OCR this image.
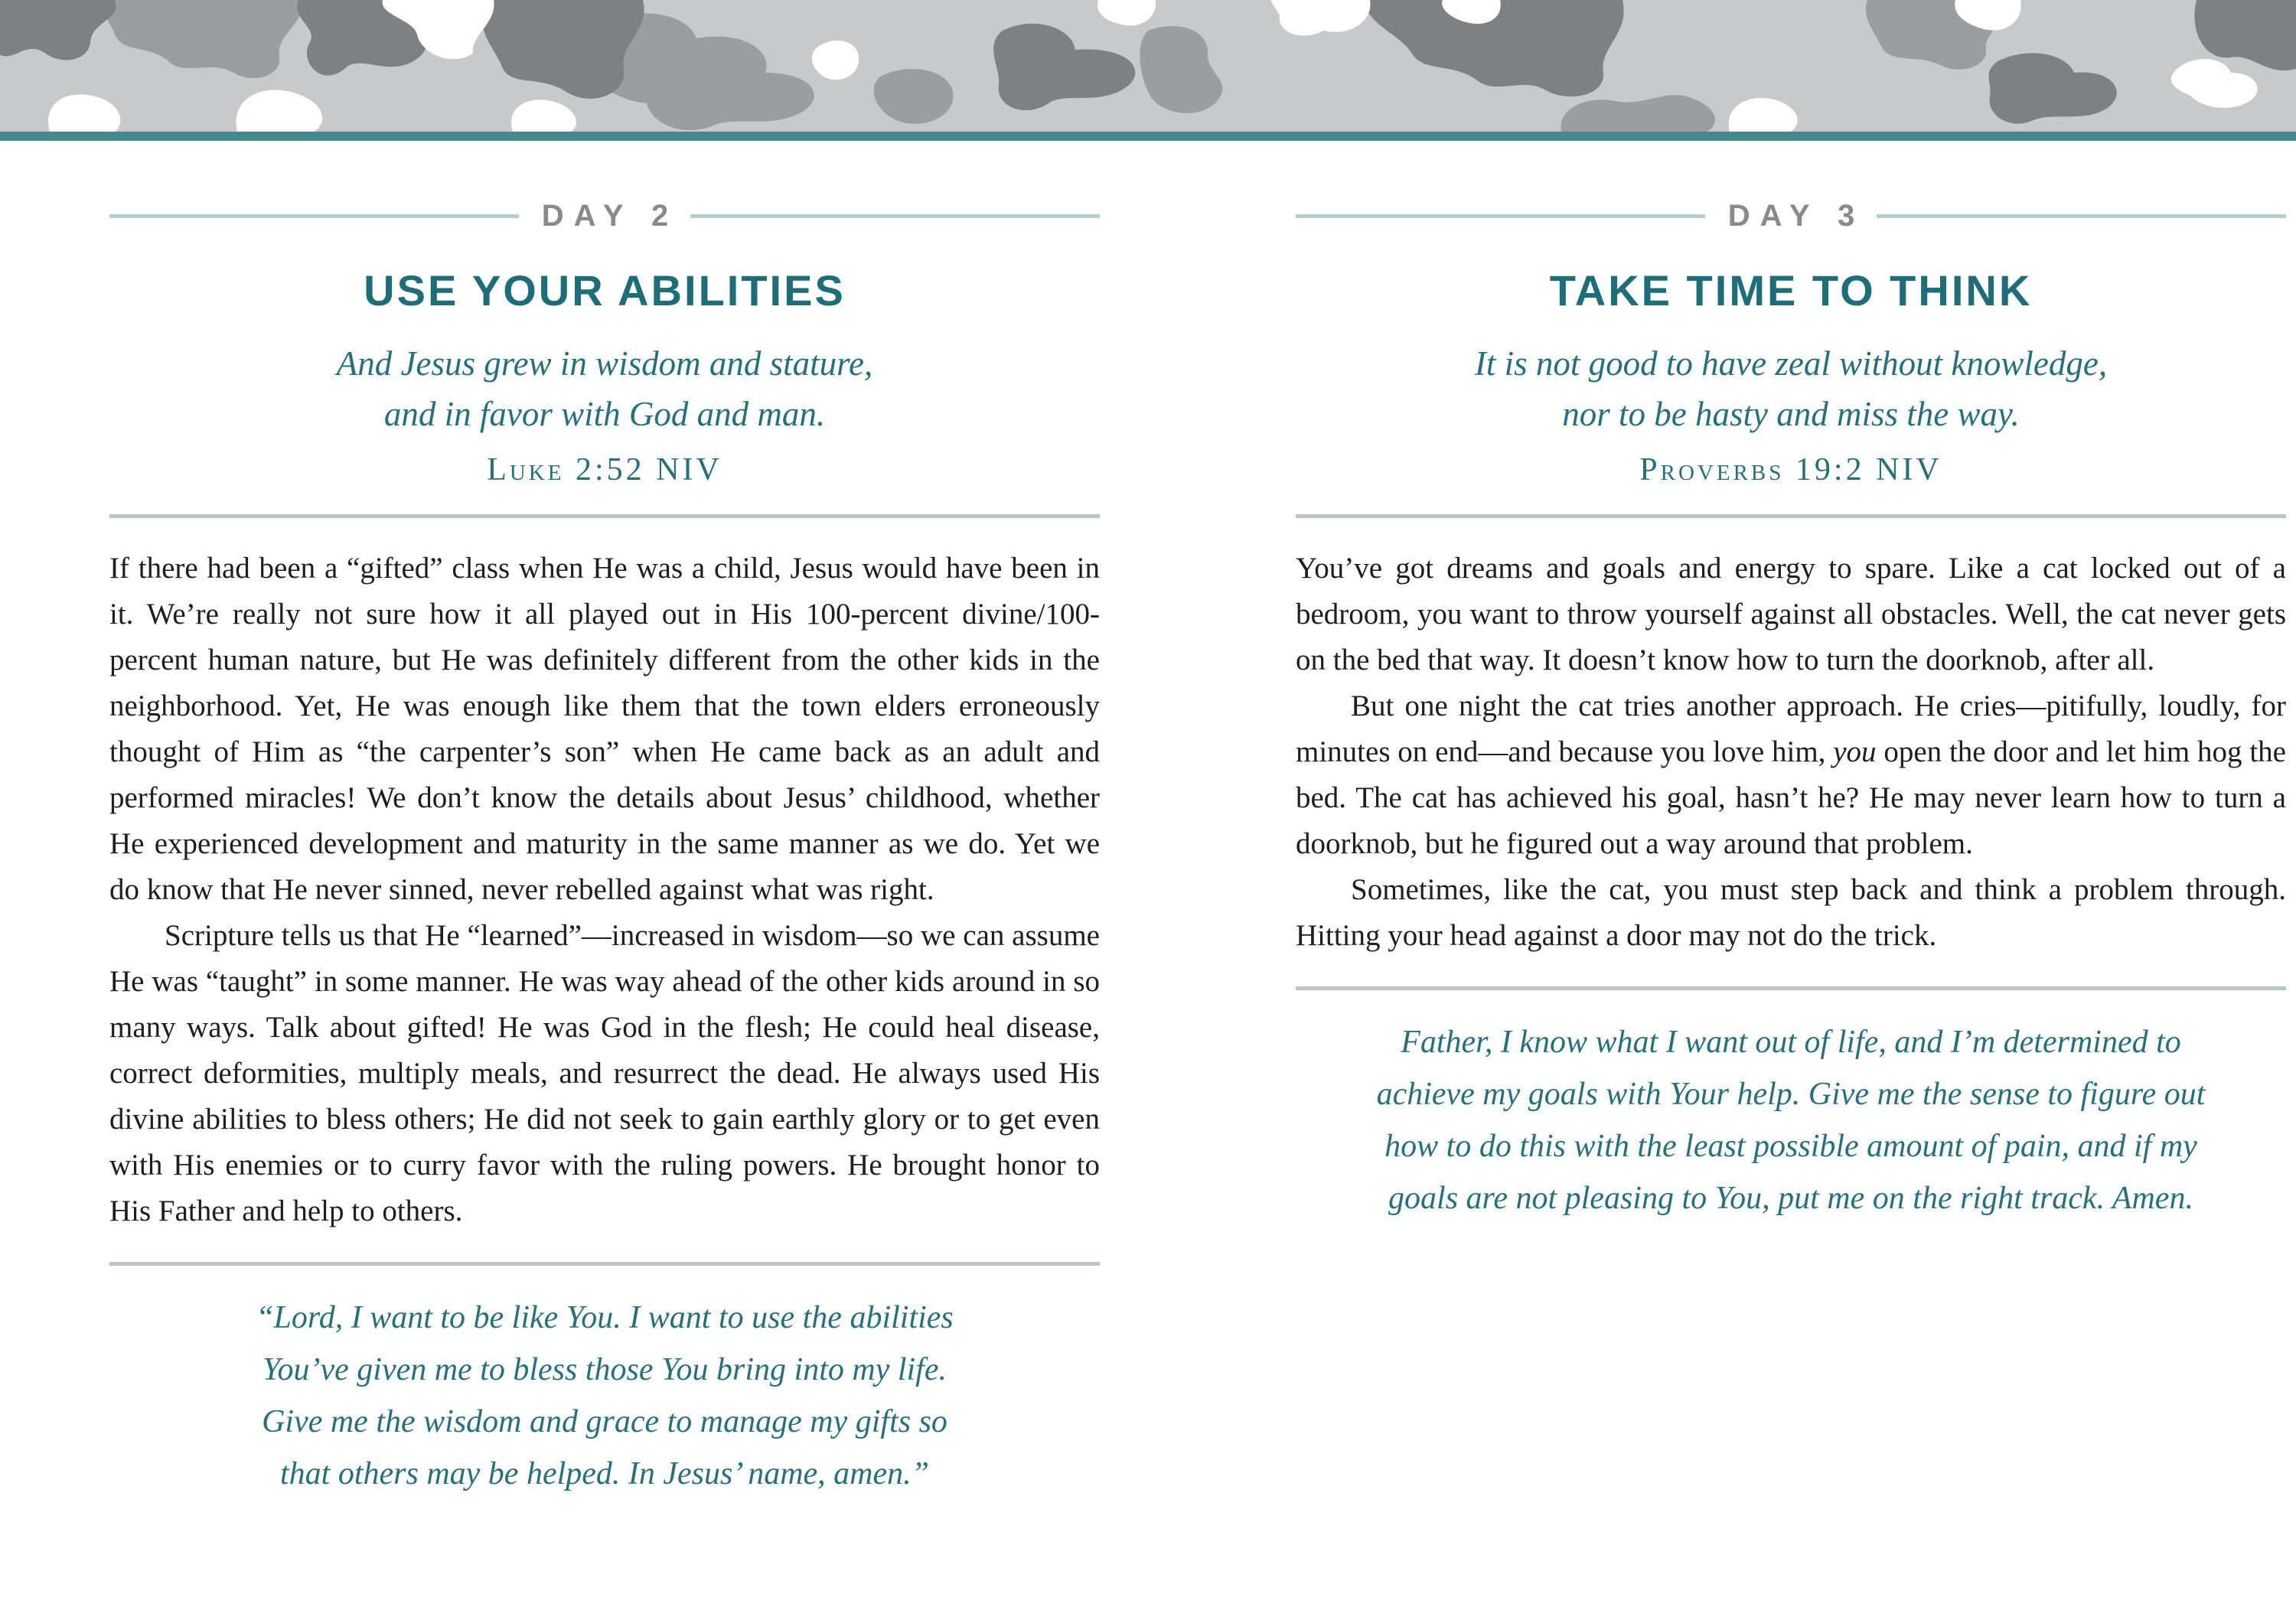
DAY 2
USE YOUR ABILITIES
And Jesus grew in wisdom and stature,
and in favor with God and man.
Luke 2:52 NIV

If there had been a “gifted” class when He was a child, Jesus would have been in it. We’re really not sure how it all played out in His 100-percent divine/100-percent human nature, but He was definitely different from the other kids in the neighborhood. Yet, He was enough like them that the town elders erroneously thought of Him as “the carpenter’s son” when He came back as an adult and performed miracles! We don’t know the details about Jesus’ childhood, whether He experienced development and maturity in the same manner as we do. Yet we do know that He never sinned, never rebelled against what was right.

Scripture tells us that He “learned”—increased in wisdom—so we can assume He was “taught” in some manner. He was way ahead of the other kids around in so many ways. Talk about gifted! He was God in the flesh; He could heal disease, correct deformities, multiply meals, and resurrect the dead. He always used His divine abilities to bless others; He did not seek to gain earthly glory or to get even with His enemies or to curry favor with the ruling powers. He brought honor to His Father and help to others.

“Lord, I want to be like You. I want to use the abilities
You’ve given me to bless those You bring into my life.
Give me the wisdom and grace to manage my gifts so
that others may be helped. In Jesus’ name, amen.”
DAY 3
TAKE TIME TO THINK
It is not good to have zeal without knowledge,
nor to be hasty and miss the way.
Proverbs 19:2 NIV

You’ve got dreams and goals and energy to spare. Like a cat locked out of a bedroom, you want to throw yourself against all obstacles. Well, the cat never gets on the bed that way. It doesn’t know how to turn the doorknob, after all.

But one night the cat tries another approach. He cries—pitifully, loudly, for minutes on end—and because you love him, you open the door and let him hog the bed. The cat has achieved his goal, hasn’t he? He may never learn how to turn a doorknob, but he figured out a way around that problem.

Sometimes, like the cat, you must step back and think a problem through. Hitting your head against a door may not do the trick.

Father, I know what I want out of life, and I’m determined to
achieve my goals with Your help. Give me the sense to figure out
how to do this with the least possible amount of pain, and if my
goals are not pleasing to You, put me on the right track. Amen.
